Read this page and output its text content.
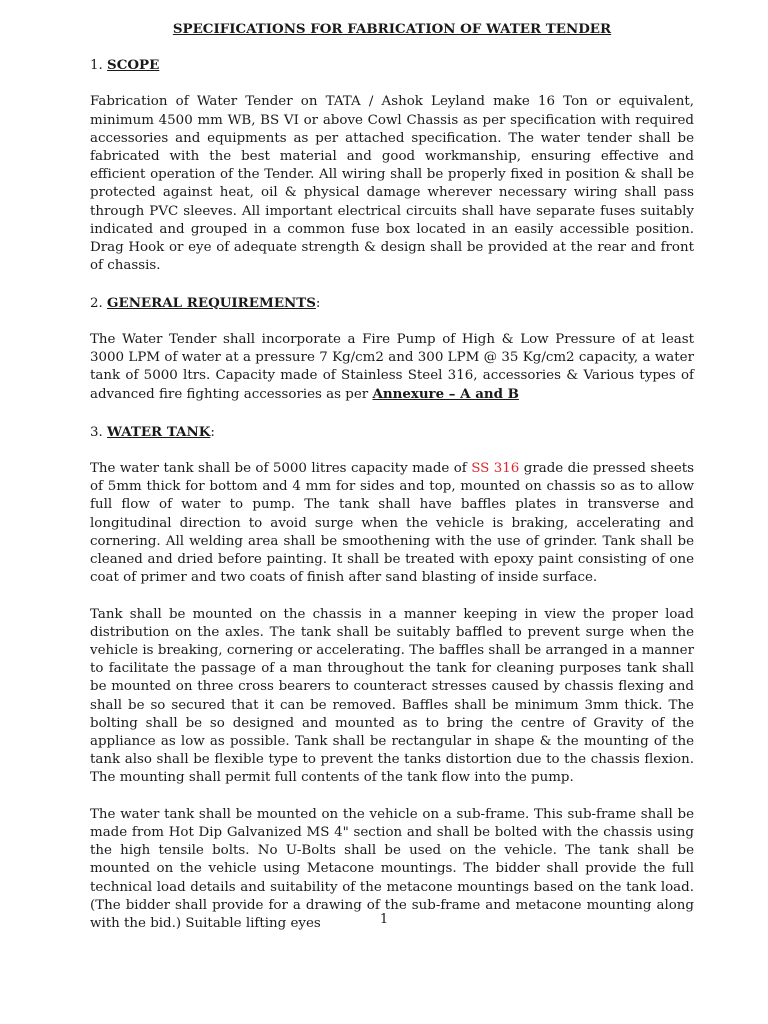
SPECIFICATIONS FOR FABRICATION OF WATER TENDER
1. SCOPE

Fabrication of Water Tender on TATA / Ashok Leyland make 16 Ton or equivalent, minimum 4500 mm WB, BS VI or above Cowl Chassis as per specification with required accessories and equipments as per attached specification. The water tender shall be fabricated with the best material and good workmanship, ensuring effective and efficient operation of the Tender. All wiring shall be properly fixed in position & shall be protected against heat, oil & physical damage wherever necessary wiring shall pass through PVC sleeves. All important electrical circuits shall have separate fuses suitably indicated and grouped in a common fuse box located in an easily accessible position. Drag Hook or eye of adequate strength & design shall be provided at the rear and front of chassis.

2. GENERAL REQUIREMENTS:

The Water Tender shall incorporate a Fire Pump of High & Low Pressure of at least 3000 LPM of water at a pressure 7 Kg/cm2 and 300 LPM @ 35 Kg/cm2 capacity, a water tank of 5000 ltrs. Capacity made of Stainless Steel 316, accessories & Various types of advanced fire fighting accessories as per Annexure – A and B

3. WATER TANK:

The water tank shall be of 5000 litres capacity made of SS 316 grade die pressed sheets of 5mm thick for bottom and 4 mm for sides and top, mounted on chassis so as to allow full flow of water to pump. The tank shall have baffles plates in transverse and longitudinal direction to avoid surge when the vehicle is braking, accelerating and cornering. All welding area shall be smoothening with the use of grinder. Tank shall be cleaned and dried before painting. It shall be treated with epoxy paint consisting of one coat of primer and two coats of finish after sand blasting of inside surface.

Tank shall be mounted on the chassis in a manner keeping in view the proper load distribution on the axles. The tank shall be suitably baffled to prevent surge when the vehicle is breaking, cornering or accelerating. The baffles shall be arranged in a manner to facilitate the passage of a man throughout the tank for cleaning purposes tank shall be mounted on three cross bearers to counteract stresses caused by chassis flexing and shall be so secured that it can be removed. Baffles shall be minimum 3mm thick. The bolting shall be so designed and mounted as to bring the centre of Gravity of the appliance as low as possible. Tank shall be rectangular in shape & the mounting of the tank also shall be flexible type to prevent the tanks distortion due to the chassis flexion. The mounting shall permit full contents of the tank flow into the pump.

The water tank shall be mounted on the vehicle on a sub-frame. This sub-frame shall be made from Hot Dip Galvanized MS 4" section and shall be bolted with the chassis using the high tensile bolts. No U-Bolts shall be used on the vehicle. The tank shall be mounted on the vehicle using Metacone mountings. The bidder shall provide the full technical load details and suitability of the metacone mountings based on the tank load. (The bidder shall provide for a drawing of the sub-frame and metacone mounting along with the bid.) Suitable lifting eyes	1
